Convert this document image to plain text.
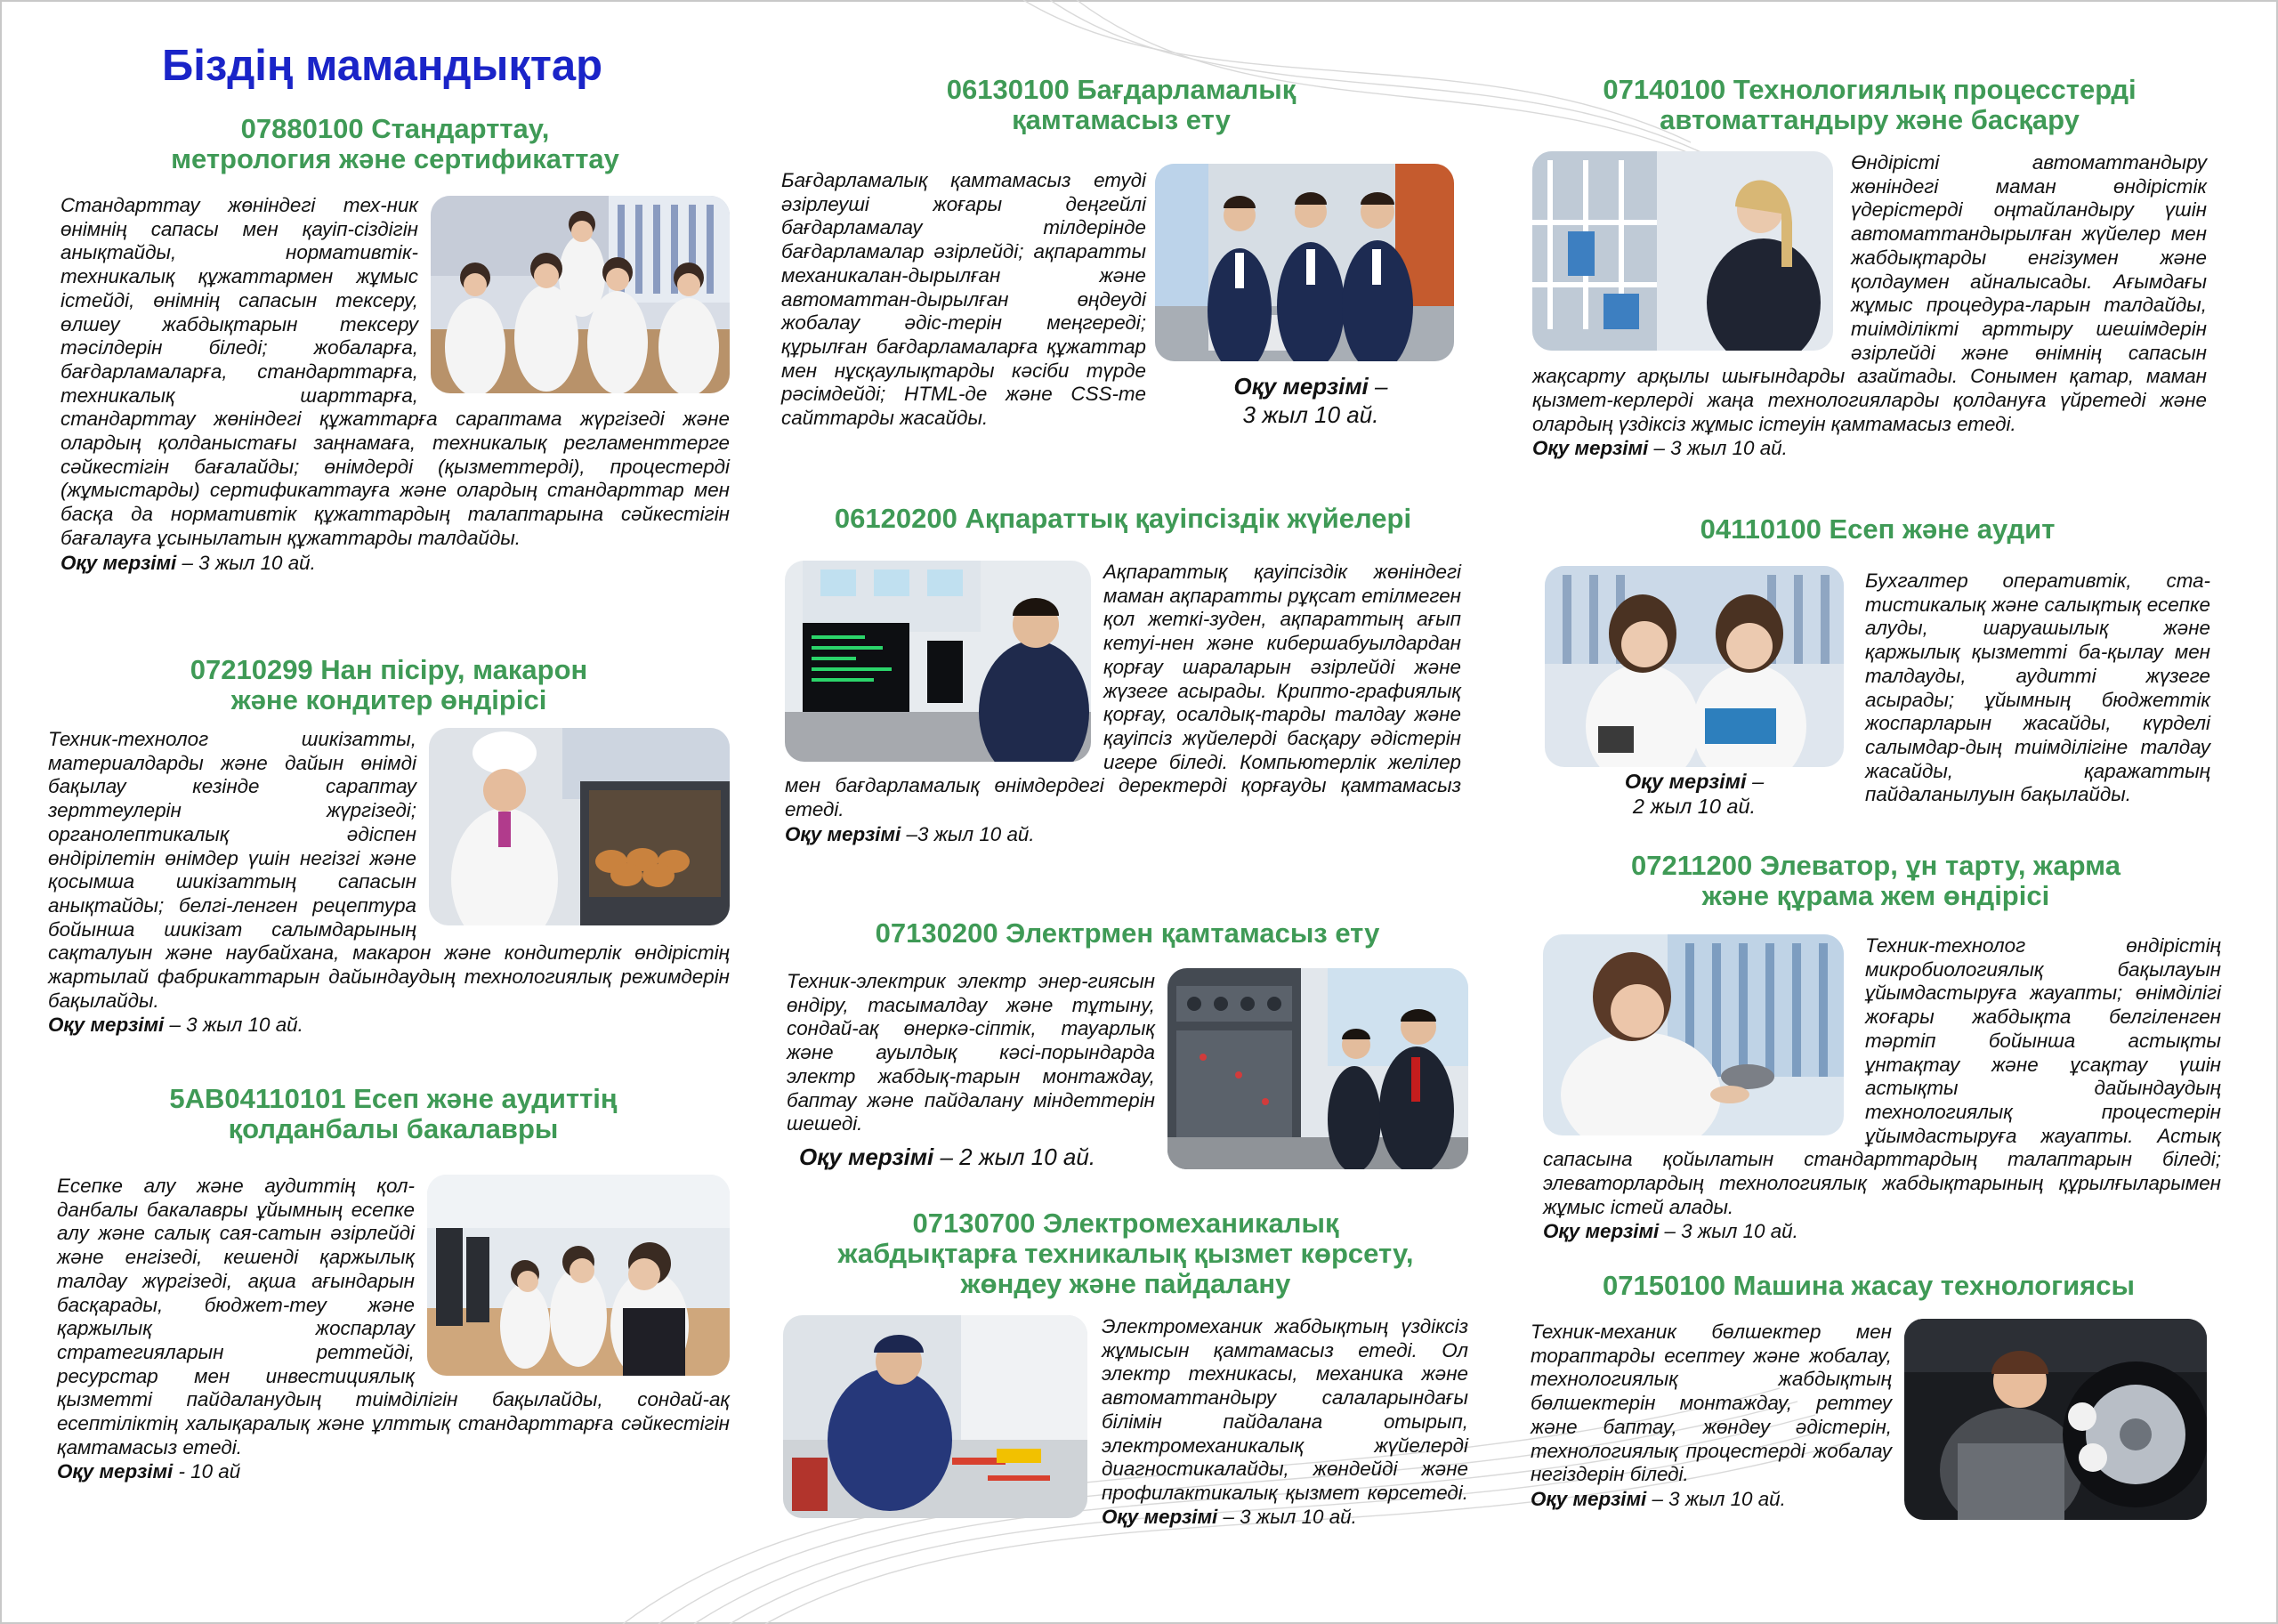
Біздің мамандықтар
07880100 Стандарттау,
метрология және сертификаттау

Стандарттау жөніндегі тех-ник өнімнің сапасы мен қауіп-сіздігін анықтайды, нормативтік-техникалық құжаттармен жұмыс істейді, өнімнің сапасын тексеру, өлшеу жабдықтарын тексеру тәсілдерін біледі; жобаларға, бағдарламаларға, стандарттарға, техникалық шарттарға, стандарттау жөніндегі құжаттарға сараптама жүргізеді және олардың қолданыстағы заңнамаға, техникалық регламенттерге сәйкестігін бағалайды; өнімдерді (қызметтерді), процестерді (жұмыстарды) сертификаттауға және олардың стандарттар мен басқа да нормативтік құжаттардың талаптарына сәйкестігін бағалауға ұсынылатын құжаттарды талдайды.

Оқу мерзімі – 3 жыл 10 ай.

07210299 Нан пісіру, макарон
және кондитер өндірісі

Техник-технолог шикізатты, материалдарды және дайын өнімді бақылау кезінде сараптау зерттеулерін жүргізеді; органолептикалық әдіспен өндірілетін өнімдер үшін негізгі және қосымша шикізаттың сапасын анықтайды; белгі-ленген рецептура бойынша шикізат салымдарының сақталуын және наубайхана, макарон және кондитерлік өндірістің жартылай фабрикаттарын дайындаудың технологиялық режимдерін бақылайды.

Оқу мерзімі – 3 жыл 10 ай.

5АВ04110101 Есеп және аудиттің
қолданбалы бакалавры

Есепке алу және аудиттің қол-данбалы бакалавры ұйымның есепке алу және салық сая-сатын әзірлейді және енгізеді, кешенді қаржылық талдау жүргізеді, ақша ағындарын басқарады, бюджет-теу және қаржылық жоспарлау стратегияларын реттейді, ресурстар мен инвестициялық қызметті пайдаланудың тиімділігін бақылайды, сондай-ақ есептіліктің халықаралық және ұлттық стандарттарға сәйкестігін қамтамасыз етеді.

Оқу мерзімі - 10 ай

06130100 Бағдарламалық
қамтамасыз ету

Бағдарламалық қамтамасыз етуді әзірлеуші жоғары деңгейлі бағдарламалау тілдерінде бағдарламалар әзірлейді; ақпаратты механикалан-дырылған және автоматтан-дырылған өңдеуді жобалау әдіс-терін меңгереді; құрылған бағдарламаларға құжаттар мен нұсқаулықтарды кәсіби түрде рәсімдейді; HTML-де және CSS-те сайттарды жасайды.

Оқу мерзімі –
3 жыл 10 ай.
06120200 Ақпараттық қауіпсіздік жүйелері

Ақпараттық қауіпсіздік жөніндегі маман ақпаратты рұқсат етілмеген қол жеткі-зуден, ақпараттың ағып кетуі-нен және кибершабуылдардан қорғау шараларын әзірлейді және жүзеге асырады. Крипто-графиялық қорғау, осалдық-тарды талдау және қауіпсіз жүйелерді басқару әдістерін игере біледі. Компьютерлік желілер мен бағдарламалық өнімдердегі деректерді қорғауды қамтамасыз етеді.

Оқу мерзімі –3 жыл 10 ай.

07130200 Электрмен қамтамасыз ету

Техник-электрик электр энер-гиясын өндіру, тасымалдау және тұтыну, сондай-ақ өнеркә-сіптік, тауарлық және ауылдық кәсі-порындарда электр жабдық-тарын монтаждау, баптау және пайдалану міндеттерін шешеді.

Оқу мерзімі – 2 жыл 10 ай.

07130700 Электромеханикалық
жабдықтарға техникалық қызмет көрсету,
жөндеу және пайдалану

Электромеханик жабдықтың үздіксіз жұмысын қамтамасыз етеді. Ол электр техникасы, механика және автоматтандыру салаларындағы білімін пайдалана отырып, электромеханикалық жүйелерді диагностикалайды, жөндейді және профилактикалық қызмет көрсетеді. Оқу мерзімі – 3 жыл 10 ай.

07140100 Технологиялық процесстерді
автоматтандыру және басқару

Өндірісті автоматтандыру жөніндегі маман өндірістік үдерістерді оңтайландыру үшін автоматтандырылған жүйелер мен жабдықтарды енгізумен және қолдаумен айналысады. Ағымдағы жұмыс процедура-ларын талдайды, тиімділікті арттыру шешімдерін әзірлейді және өнімнің сапасын жақсарту арқылы шығындарды азайтады. Сонымен қатар, маман қызмет-керлерді жаңа технологияларды қолдануға үйретеді және олардың үздіксіз жұмыс істеуін қамтамасыз етеді.

Оқу мерзімі – 3 жыл 10 ай.

04110100 Есеп және аудит
Оқу мерзімі –
2 жыл 10 ай.

Бухгалтер оперативтік, ста-тистикалық және салықтық есепке алуды, шаруашылық және қаржылық қызметті ба-қылау мен талдауды, аудитті жүзеге асырады; ұйымның бюджеттік жоспарларын жасайды, күрделі салымдар-дың тиімділігіне талдау жасайды, қаражаттың пайдаланылуын бақылайды.

07211200 Элеватор, ұн тарту, жарма
және құрама жем өндірісі

Техник-технолог өндірістің микробиологиялық бақылауын ұйымдастыруға жауапты; өнімділігі жоғары жабдықта белгіленген тәртіп бойынша астықты ұнтақтау және ұсақтау үшін астықты дайындаудың технологиялық процестерін ұйымдастыруға жауапты. Астық сапасына қойылатын стандарттардың талаптарын біледі; элеваторлардың технологиялық жабдықтарының құрылғыларымен жұмыс істей алады.

Оқу мерзімі – 3 жыл 10 ай.

07150100 Машина жасау технологиясы

Техник-механик бөлшектер мен тораптарды есептеу және жобалау, технологиялық жабдықтың бөлшектерін монтаждау, реттеу және баптау, жөндеу әдістерін, технологиялық процестерді жобалау негіздерін біледі.

Оқу мерзімі – 3 жыл 10 ай.
